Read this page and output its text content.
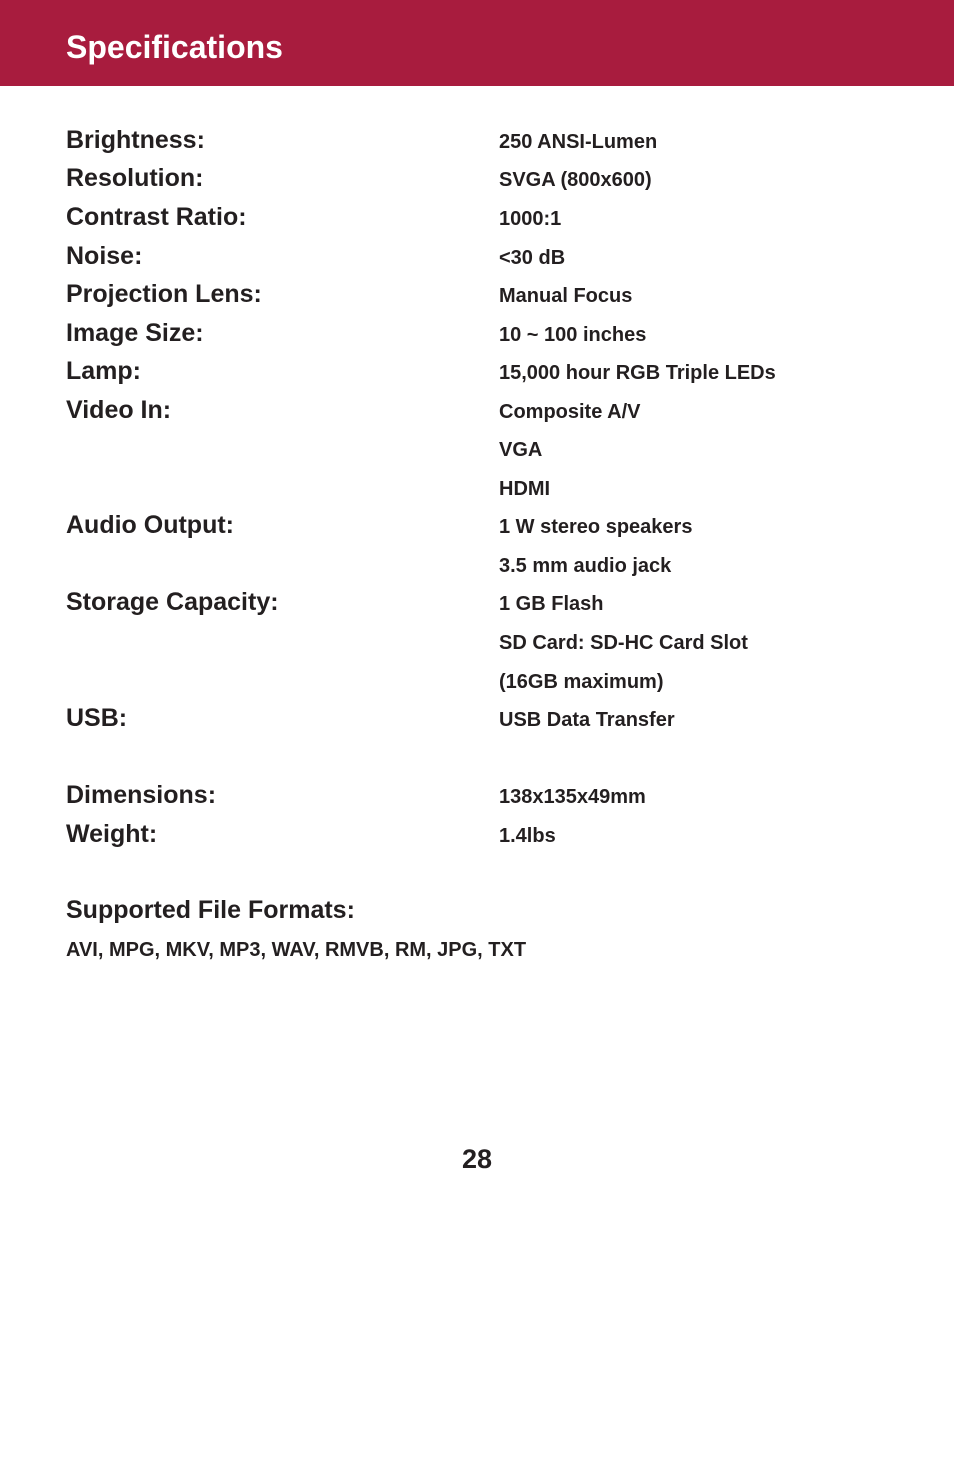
Specifications
Brightness:	250 ANSI-Lumen
Resolution:	SVGA (800x600)
Contrast Ratio:	1000:1
Noise:	<30 dB
Projection Lens:	Manual Focus
Image Size:	10 ~ 100 inches
Lamp:	15,000 hour RGB Triple LEDs
Video In:	Composite A/V
VGA
HDMI
Audio Output:	1 W stereo speakers
3.5 mm audio jack
Storage Capacity:	1 GB Flash
SD Card: SD-HC Card Slot
(16GB maximum)
USB:	USB Data Transfer
Dimensions:	138x135x49mm
Weight:	1.4lbs
Supported File Formats:
AVI, MPG, MKV, MP3, WAV, RMVB, RM, JPG, TXT
28
